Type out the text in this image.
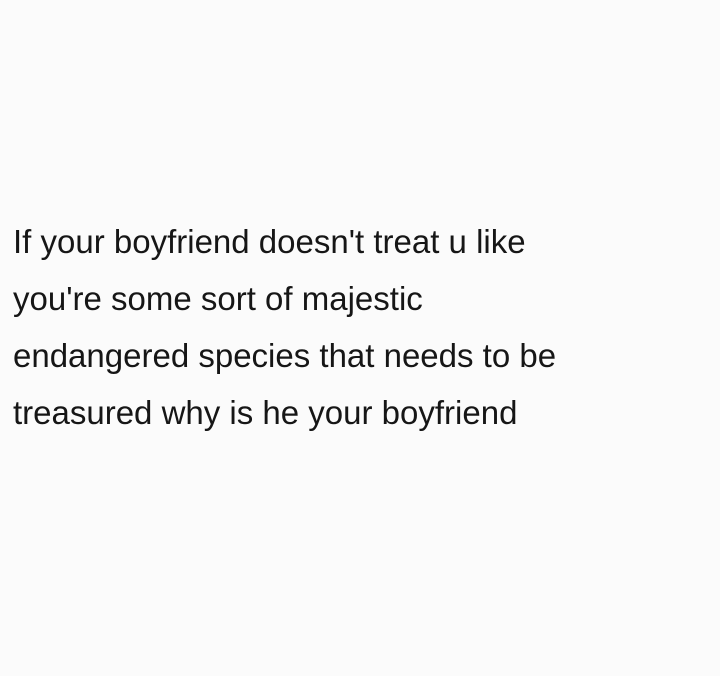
If your boyfriend doesn't treat u like
you're some sort of majestic
endangered species that needs to be
treasured why is he your boyfriend
